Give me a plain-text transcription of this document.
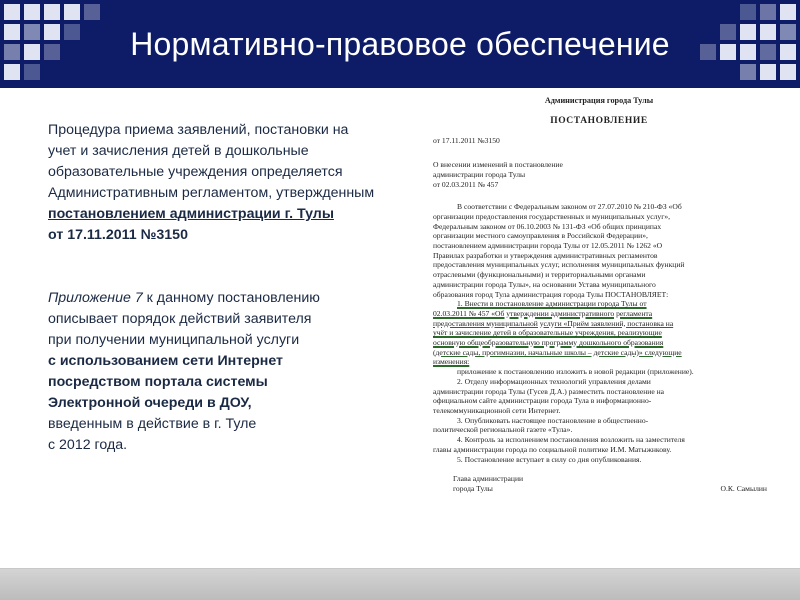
Нормативно-правовое обеспечение
Процедура приема заявлений, постановки на
учет и зачисления детей в дошкольные
образовательные учреждения определяется
Административным регламентом, утвержденным
постановлением администрации г. Тулы
от 17.11.2011 №3150
Приложение 7 к данному постановлению
описывает порядок действий заявителя
при получении муниципальной услуги
с использованием сети Интернет
посредством портала системы
Электронной очереди в ДОУ,
введенным в действие в г. Туле
с 2012 года.
Администрация города Тулы
ПОСТАНОВЛЕНИЕ
от 17.11.2011 №3150
О внесении изменений в постановление
администрации города Тулы
от 02.03.2011 № 457
В соответствии с Федеральным законом от 27.07.2010 № 210-ФЗ «Об
организации предоставления государственных и муниципальных услуг»,
Федеральным законом от 06.10.2003 № 131-ФЗ «Об общих принципах
организации местного самоуправления в Российской Федерации»,
постановлением администрации города Тулы от 12.05.2011 № 1262 «О
Правилах разработки и утверждения административных регламентов
предоставления муниципальных услуг, исполнения муниципальных функций
отраслевыми (функциональными) и территориальными органами
администрации города Тулы», на основании Устава муниципального
образования город Тула администрация города Тулы ПОСТАНОВЛЯЕТ:
1. Внести в постановление администрации города Тулы от
02.03.2011 № 457 «Об утверждении административного регламента
предоставления муниципальной услуги «Приём заявлений, постановка на
учёт и зачисление детей в образовательные учреждения, реализующие
основную общеобразовательную программу дошкольного образования
(детские сады, прогимназии, начальные школы – детские сады)» следующие
изменения:
приложение к постановлению изложить в новой редакции (приложение).
2. Отделу информационных технологий управления делами
администрации города Тулы (Гусев Д.А.) разместить постановление на
официальном сайте администрации города Тула в информационно-
телекоммуникационной сети Интернет.
3. Опубликовать настоящее постановление в общественно-
политической региональной газете «Тула».
4. Контроль за исполнением постановления возложить на заместителя
главы администрации города по социальной политике И.М. Матыжнкову.
5. Постановление вступает в силу со дня опубликования.
Глава администрации
города Тулы	О.К. Самылин
